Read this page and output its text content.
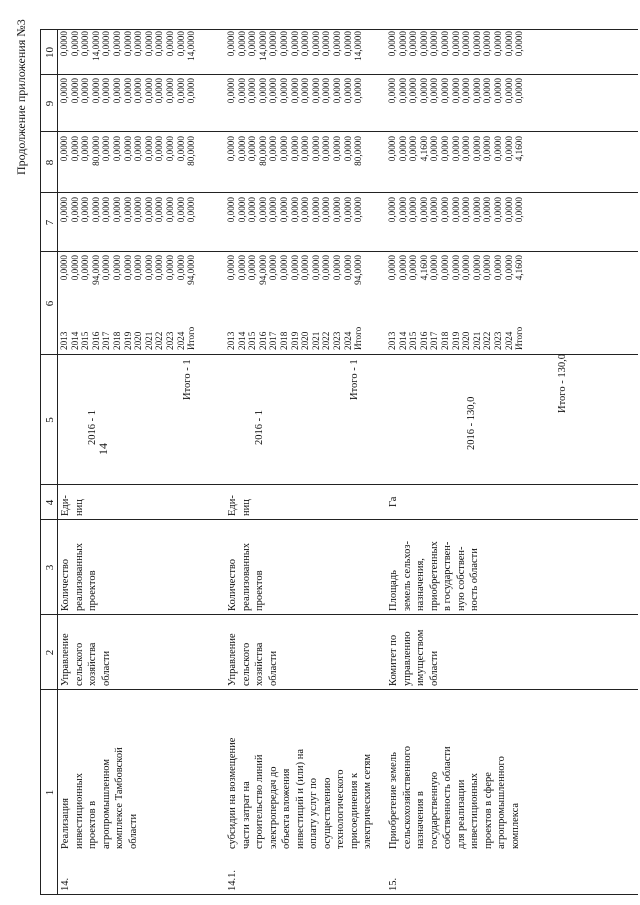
14
Продолжение приложения №3
1
2
3
4
5
6
7
8
9
10
14.
Реализация
инвестиционных
проектов в
агропромышленном
комплексе Тамбовской
области
Управление
сельского
хозяйства
области
Количество
реализованных
проектов
Еди-
ниц
2016 - 1
Итого - 1
2013 2014 2015 2016 2017 2018 2019 2020 2021 2022 2023 2024 Итого
0,0000 0,0000 0,0000 94,0000 0,0000 0,0000 0,0000 0,0000 0,0000 0,0000 0,0000 0,0000 94,0000
0,0000 0,0000 0,0000 0,0000 0,0000 0,0000 0,0000 0,0000 0,0000 0,0000 0,0000 0,0000 0,0000
0,0000 0,0000 0,0000 80,0000 0,0000 0,0000 0,0000 0,0000 0,0000 0,0000 0,0000 0,0000 80,0000
0,0000 0,0000 0,0000 0,0000 0,0000 0,0000 0,0000 0,0000 0,0000 0,0000 0,0000 0,0000 0,0000
0,0000 0,0000 0,0000 14,0000 0,0000 0,0000 0,0000 0,0000 0,0000 0,0000 0,0000 0,0000 14,0000
14.1.
субсидии на возмещение
части затрат на
строительство линий
электропередач до
объекта вложения
инвестиций и (или) на
оплату услуг по
осуществлению
технологического
присоединения к
электрическим сетям
Управление
сельского
хозяйства
области
Количество
реализованных
проектов
Еди-
ниц
2016 - 1
Итого - 1
2013 2014 2015 2016 2017 2018 2019 2020 2021 2022 2023 2024 Итого
0,0000 0,0000 0,0000 94,0000 0,0000 0,0000 0,0000 0,0000 0,0000 0,0000 0,0000 0,0000 94,0000
0,0000 0,0000 0,0000 0,0000 0,0000 0,0000 0,0000 0,0000 0,0000 0,0000 0,0000 0,0000 0,0000
0,0000 0,0000 0,0000 80,0000 0,0000 0,0000 0,0000 0,0000 0,0000 0,0000 0,0000 0,0000 80,0000
0,0000 0,0000 0,0000 0,0000 0,0000 0,0000 0,0000 0,0000 0,0000 0,0000 0,0000 0,0000 0,0000
0,0000 0,0000 0,0000 14,0000 0,0000 0,0000 0,0000 0,0000 0,0000 0,0000 0,0000 0,0000 14,0000
15.
Приобретение земель
сельскохозяйственного
назначения в
государственную
собственность области
для реализации
инвестиционных
проектов в сфере
агропромышленного
комплекса
Комитет по
управлению
имуществом
области
Площадь
земель сельхоз-
назначения,
приобретенных
в государствен-
ную собствен-
ность области
Га
2016 - 130,0
Итого - 130,0
2013 2014 2015 2016 2017 2018 2019 2020 2021 2022 2023 2024 Итого
0,0000 0,0000 0,0000 4,1600 0,0000 0,0000 0,0000 0,0000 0,0000 0,0000 0,0000 0,0000 4,1600
0,0000 0,0000 0,0000 0,0000 0,0000 0,0000 0,0000 0,0000 0,0000 0,0000 0,0000 0,0000 0,0000
0,0000 0,0000 0,0000 4,1600 0,0000 0,0000 0,0000 0,0000 0,0000 0,0000 0,0000 0,0000 4,1600
0,0000 0,0000 0,0000 0,0000 0,0000 0,0000 0,0000 0,0000 0,0000 0,0000 0,0000 0,0000 0,0000
0,0000 0,0000 0,0000 0,0000 0,0000 0,0000 0,0000 0,0000 0,0000 0,0000 0,0000 0,0000 0,0000
